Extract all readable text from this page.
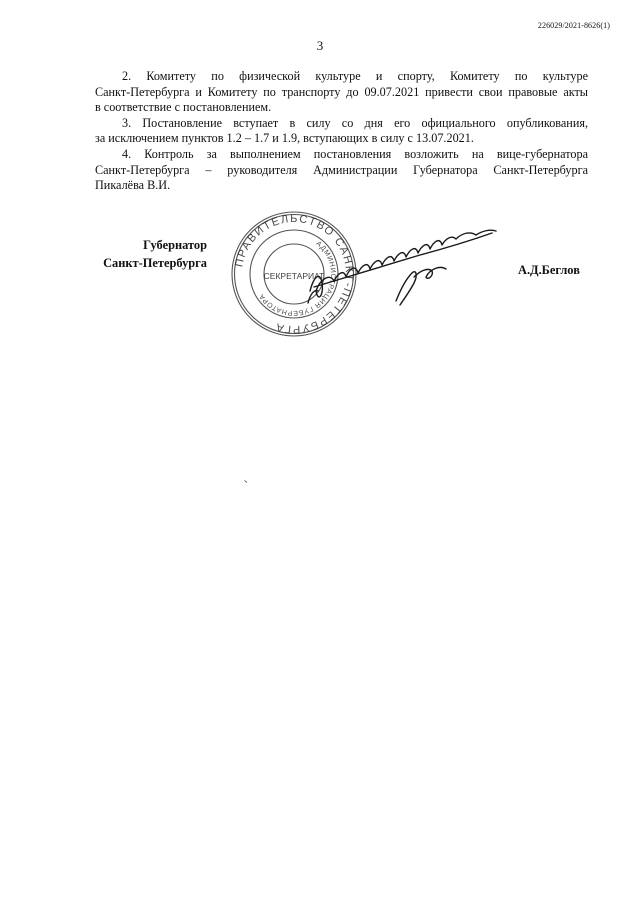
226029/2021-8626(1)
3

2. Комитету по физической культуре и спорту, Комитету по культуре
Санкт-Петербурга и Комитету по транспорту до 09.07.2021 привести свои правовые акты
в соответствие с постановлением.

3. Постановление вступает в силу со дня его официального опубликования,
за исключением пунктов 1.2 – 1.7 и 1.9, вступающих в силу с 13.07.2021.

4. Контроль за выполнением постановления возложить на вице-губернатора
Санкт-Петербурга – руководителя Администрации Губернатора Санкт-Петербурга
Пикалёва В.И.

Губернатор
Санкт-Петербурга ПРАВИТЕЛЬСТВО САНКТ-ПЕТЕРБУРГА
АДМИНИСТРАЦИЯ ГУБЕРНАТОРА
СЕКРЕТАРИАТ	А.Д.Беглов
